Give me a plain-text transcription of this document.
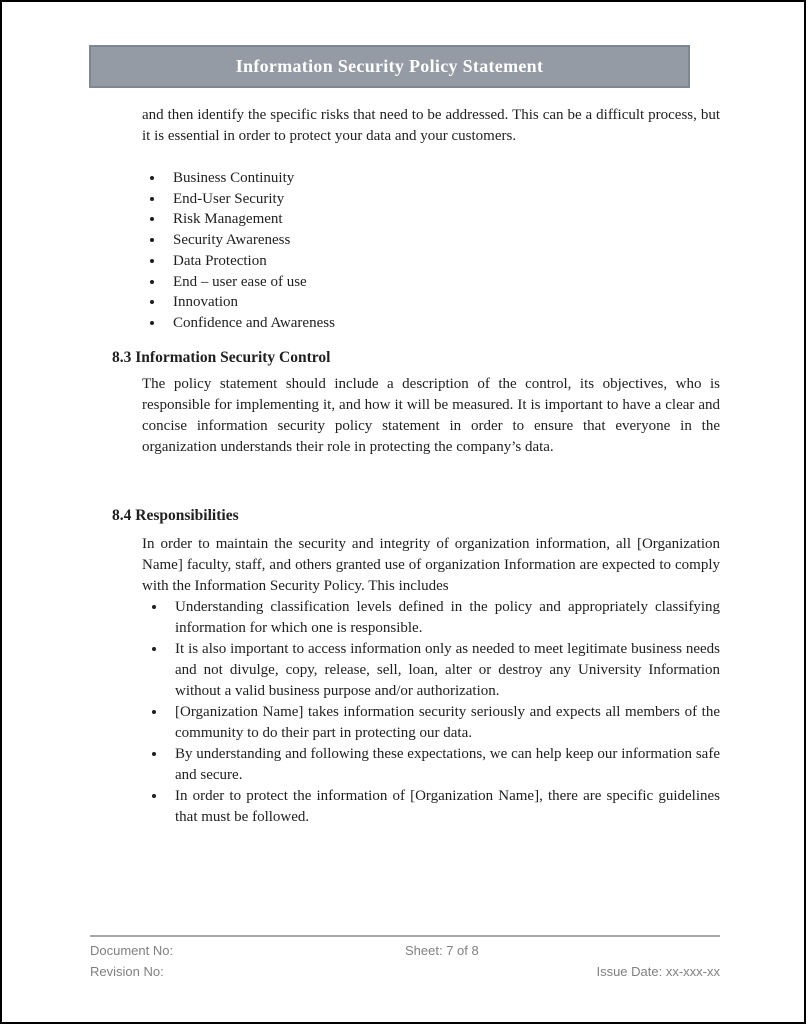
Information Security Policy Statement

and then identify the specific risks that need to be addressed. This can be a difficult process, but it is essential in order to protect your data and your customers.

• Business Continuity
• End-User Security
• Risk Management
• Security Awareness
• Data Protection
• End – user ease of use
• Innovation
• Confidence and Awareness
8.3 Information Security Control

The policy statement should include a description of the control, its objectives, who is responsible for implementing it, and how it will be measured. It is important to have a clear and concise information security policy statement in order to ensure that everyone in the organization understands their role in protecting the company’s data.

8.4 Responsibilities

In order to maintain the security and integrity of organization information, all [Organization Name] faculty, staff, and others granted use of organization Information are expected to comply with the Information Security Policy. This includes

• Understanding classification levels defined in the policy and appropriately classifying information for which one is responsible.
• It is also important to access information only as needed to meet legitimate business needs and not divulge, copy, release, sell, loan, alter or destroy any University Information without a valid business purpose and/or authorization.
• [Organization Name] takes information security seriously and expects all members of the community to do their part in protecting our data.
• By understanding and following these expectations, we can help keep our information safe and secure.
• In order to protect the information of [Organization Name], there are specific guidelines that must be followed.
Document No:	Sheet: 7 of 8
Revision No:	Issue Date: xx-xxx-xx
